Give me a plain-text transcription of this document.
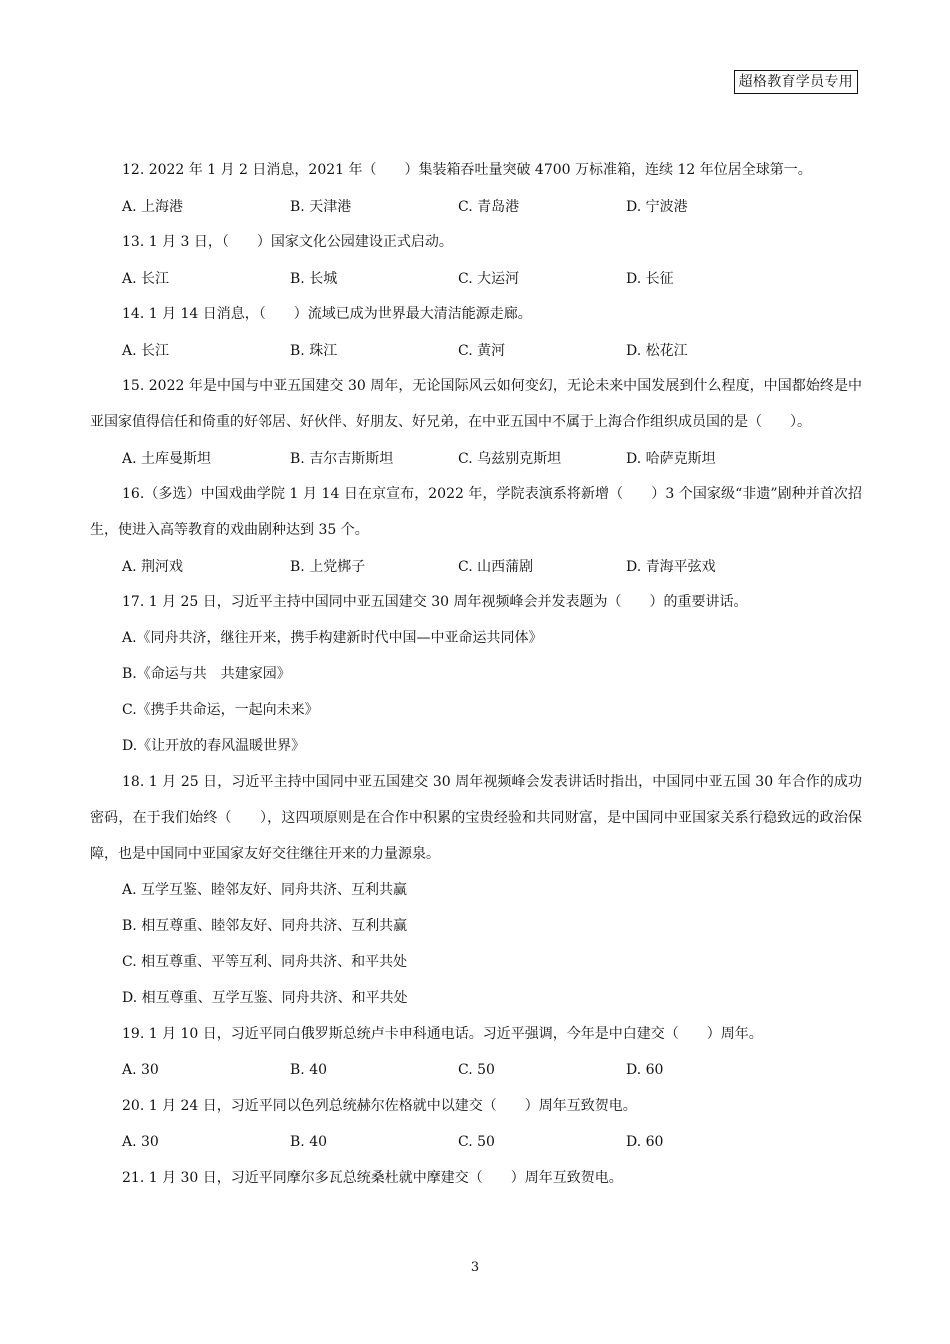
超格教育学员专用

12. 2022 年 1 月 2 日消息，2021 年（　　）集装箱吞吐量突破 4700 万标准箱，连续 12 年位居全球第一。

A. 上海港	B. 天津港	C. 青岛港	D. 宁波港

13. 1 月 3 日，（　　）国家文化公园建设正式启动。

A. 长江	B. 长城	C. 大运河	D. 长征

14. 1 月 14 日消息，（　　）流域已成为世界最大清洁能源走廊。

A. 长江	B. 珠江	C. 黄河	D. 松花江

15. 2022 年是中国与中亚五国建交 30 周年，无论国际风云如何变幻，无论未来中国发展到什么程度，中国都始终是中亚国家值得信任和倚重的好邻居、好伙伴、好朋友、好兄弟，在中亚五国中不属于上海合作组织成员国的是（　　）。

A. 土库曼斯坦	B. 吉尔吉斯斯坦	C. 乌兹别克斯坦	D. 哈萨克斯坦

16.（多选）中国戏曲学院 1 月 14 日在京宣布，2022 年，学院表演系将新增（　　）3 个国家级“非遗”剧种并首次招生，使进入高等教育的戏曲剧种达到 35 个。

A. 荆河戏	B. 上党梆子	C. 山西蒲剧	D. 青海平弦戏

17. 1 月 25 日，习近平主持中国同中亚五国建交 30 周年视频峰会并发表题为（　　）的重要讲话。

A.《同舟共济，继往开来，携手构建新时代中国—中亚命运共同体》
B.《命运与共　共建家园》
C.《携手共命运，一起向未来》
D.《让开放的春风温暖世界》

18. 1 月 25 日，习近平主持中国同中亚五国建交 30 周年视频峰会发表讲话时指出，中国同中亚五国 30 年合作的成功密码，在于我们始终（　　），这四项原则是在合作中积累的宝贵经验和共同财富，是中国同中亚国家关系行稳致远的政治保障，也是中国同中亚国家友好交往继往开来的力量源泉。

A. 互学互鉴、睦邻友好、同舟共济、互利共赢
B. 相互尊重、睦邻友好、同舟共济、互利共赢
C. 相互尊重、平等互利、同舟共济、和平共处
D. 相互尊重、互学互鉴、同舟共济、和平共处

19. 1 月 10 日，习近平同白俄罗斯总统卢卡申科通电话。习近平强调，今年是中白建交（　　）周年。

A. 30	B. 40	C. 50	D. 60

20. 1 月 24 日，习近平同以色列总统赫尔佐格就中以建交（　　）周年互致贺电。

A. 30	B. 40	C. 50	D. 60

21. 1 月 30 日，习近平同摩尔多瓦总统桑杜就中摩建交（　　）周年互致贺电。

3
